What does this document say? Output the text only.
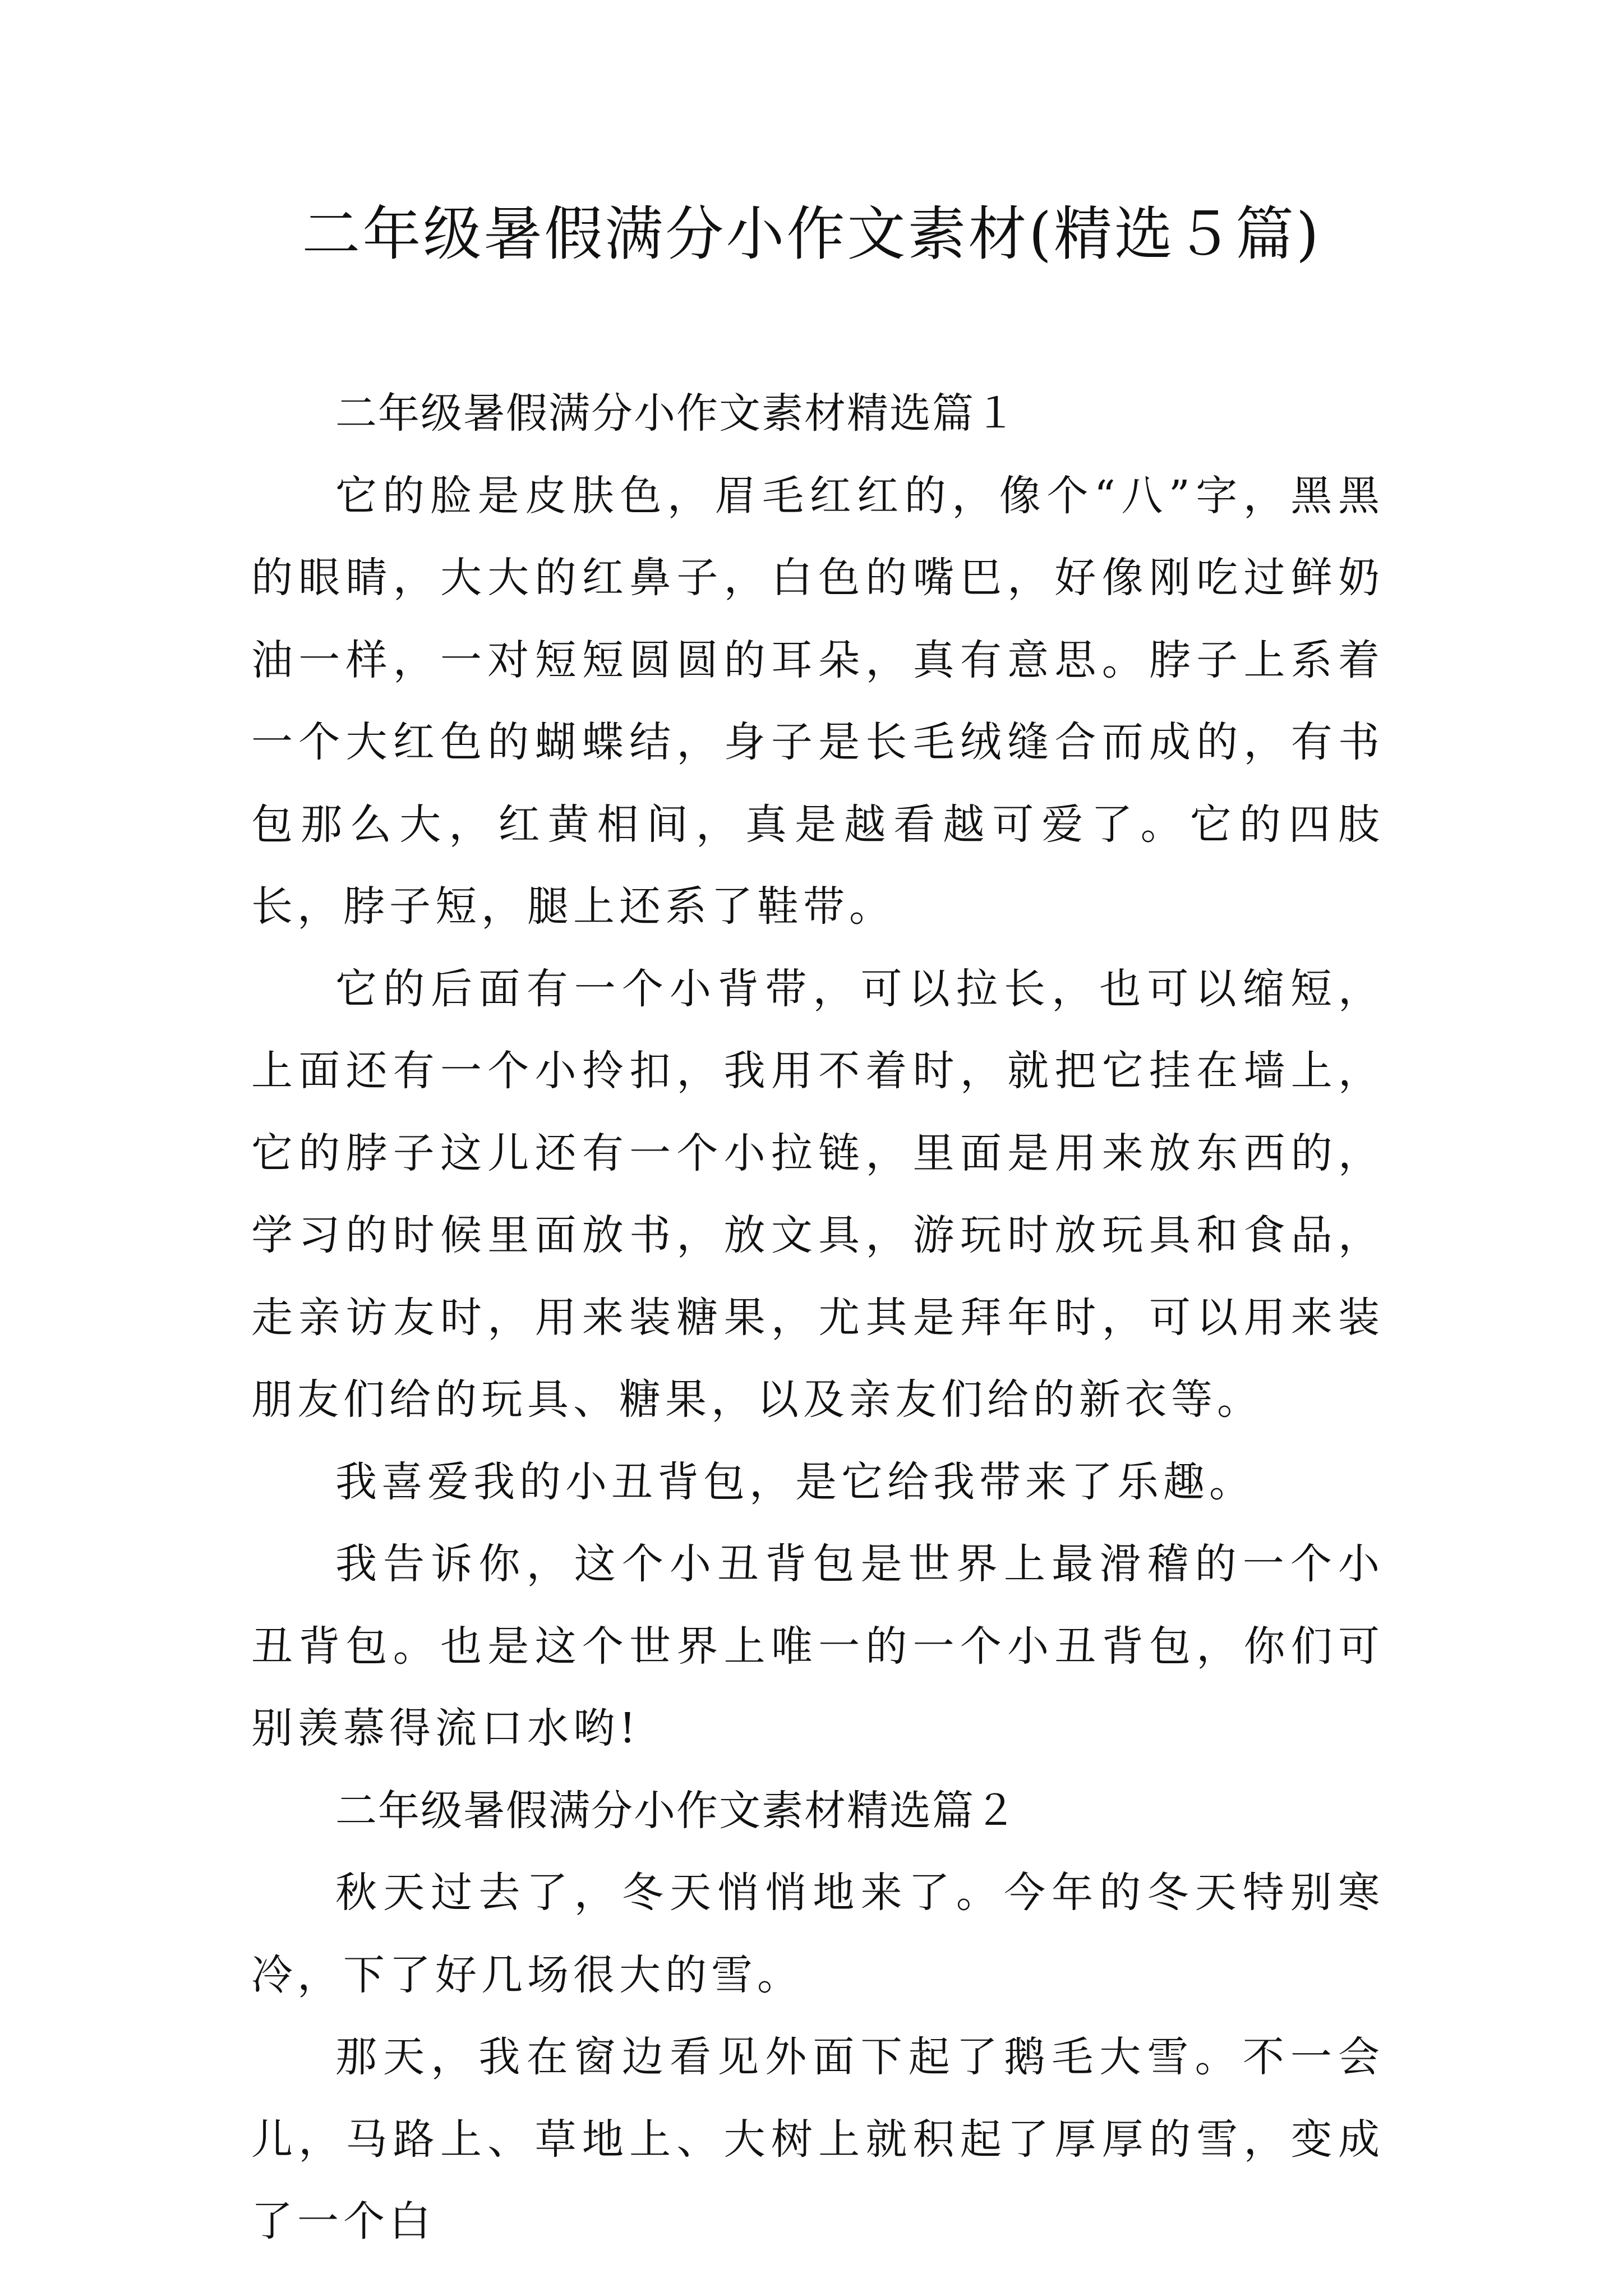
二年级暑假满分小作文素材(精选５篇)

二年级暑假满分小作文素材精选篇１

它的脸是皮肤色，眉毛红红的，像个“八”字，黑黑的眼睛，大大的红鼻子，白色的嘴巴，好像刚吃过鲜奶油一样，一对短短圆圆的耳朵，真有意思。脖子上系着一个大红色的蝴蝶结，身子是长毛绒缝合而成的，有书包那么大，红黄相间，真是越看越可爱了。它的四肢长，脖子短，腿上还系了鞋带。

它的后面有一个小背带，可以拉长，也可以缩短，上面还有一个小拎扣，我用不着时，就把它挂在墙上，它的脖子这儿还有一个小拉链，里面是用来放东西的，学习的时候里面放书，放文具，游玩时放玩具和食品，走亲访友时，用来装糖果，尤其是拜年时，可以用来装朋友们给的玩具、糖果，以及亲友们给的新衣等。

我喜爱我的小丑背包，是它给我带来了乐趣。

我告诉你，这个小丑背包是世界上最滑稽的一个小丑背包。也是这个世界上唯一的一个小丑背包，你们可别羡慕得流口水哟!

二年级暑假满分小作文素材精选篇２

秋天过去了，冬天悄悄地来了。今年的冬天特别寒冷，下了好几场很大的雪。

那天，我在窗边看见外面下起了鹅毛大雪。不一会儿，马路上、草地上、大树上就积起了厚厚的雪，变成了一个白
